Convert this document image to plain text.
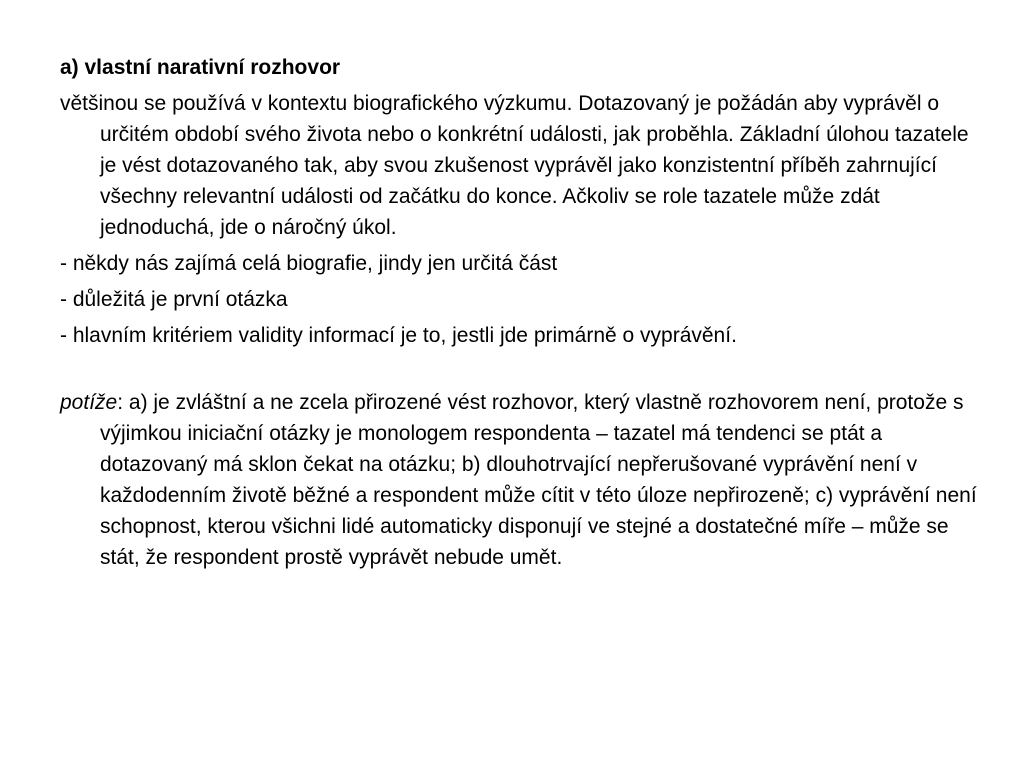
a) vlastní narativní rozhovor
většinou se používá v kontextu biografického výzkumu. Dotazovaný je požádán aby vyprávěl o určitém období svého života nebo o konkrétní události, jak proběhla. Základní úlohou tazatele je vést dotazovaného tak, aby svou zkušenost vyprávěl jako konzistentní příběh zahrnující všechny relevantní události od začátku do konce. Ačkoliv se role tazatele může zdát jednoduchá, jde o náročný úkol.
- někdy nás zajímá celá biografie, jindy jen určitá část
- důležitá je první otázka
- hlavním kritériem validity informací je to, jestli jde primárně o vyprávění.
potíže: a) je zvláštní a ne zcela přirozené vést rozhovor, který vlastně rozhovorem není, protože s výjimkou iniciační otázky je monologem respondenta – tazatel má tendenci se ptát a dotazovaný má sklon čekat na otázku; b) dlouhotrvající nepřerušované vyprávění není v každodenním životě běžné a respondent může cítit v této úloze nepřirozeně; c) vyprávění není schopnost, kterou všichni lidé automaticky disponují ve stejné a dostatečné míře – může se stát, že respondent prostě vyprávět nebude umět.
